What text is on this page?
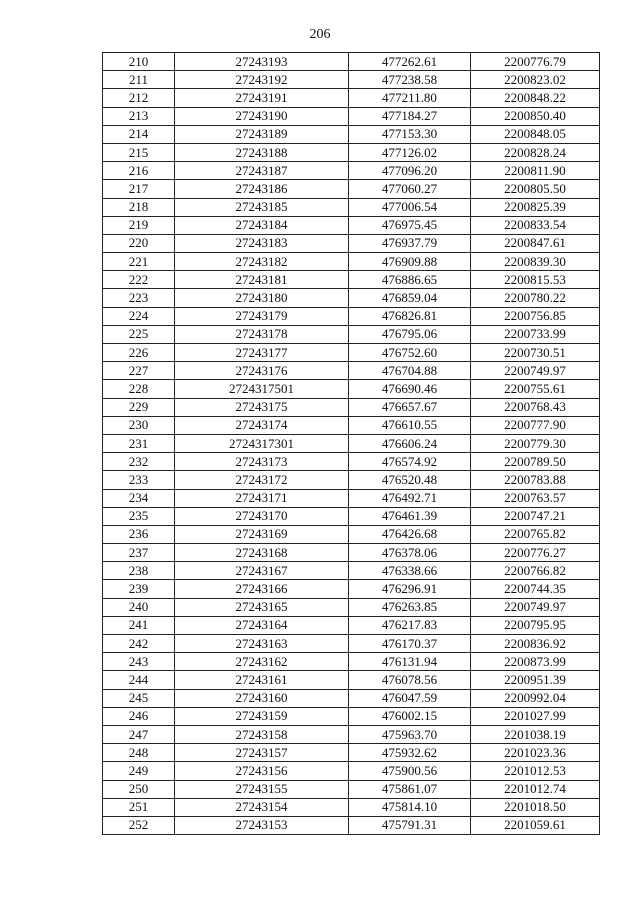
206
210	27243193	477262.61	2200776.79
211	27243192	477238.58	2200823.02
212	27243191	477211.80	2200848.22
213	27243190	477184.27	2200850.40
214	27243189	477153.30	2200848.05
215	27243188	477126.02	2200828.24
216	27243187	477096.20	2200811.90
217	27243186	477060.27	2200805.50
218	27243185	477006.54	2200825.39
219	27243184	476975.45	2200833.54
220	27243183	476937.79	2200847.61
221	27243182	476909.88	2200839.30
222	27243181	476886.65	2200815.53
223	27243180	476859.04	2200780.22
224	27243179	476826.81	2200756.85
225	27243178	476795.06	2200733.99
226	27243177	476752.60	2200730.51
227	27243176	476704.88	2200749.97
228	2724317501	476690.46	2200755.61
229	27243175	476657.67	2200768.43
230	27243174	476610.55	2200777.90
231	2724317301	476606.24	2200779.30
232	27243173	476574.92	2200789.50
233	27243172	476520.48	2200783.88
234	27243171	476492.71	2200763.57
235	27243170	476461.39	2200747.21
236	27243169	476426.68	2200765.82
237	27243168	476378.06	2200776.27
238	27243167	476338.66	2200766.82
239	27243166	476296.91	2200744.35
240	27243165	476263.85	2200749.97
241	27243164	476217.83	2200795.95
242	27243163	476170.37	2200836.92
243	27243162	476131.94	2200873.99
244	27243161	476078.56	2200951.39
245	27243160	476047.59	2200992.04
246	27243159	476002.15	2201027.99
247	27243158	475963.70	2201038.19
248	27243157	475932.62	2201023.36
249	27243156	475900.56	2201012.53
250	27243155	475861.07	2201012.74
251	27243154	475814.10	2201018.50
252	27243153	475791.31	2201059.61
